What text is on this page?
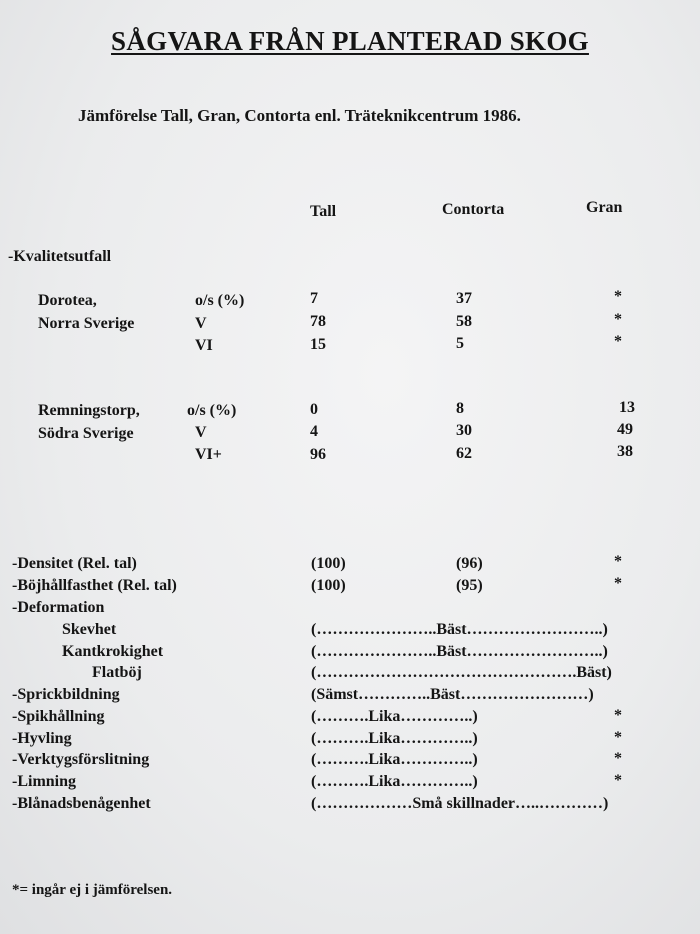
SÅGVARA FRÅN PLANTERAD SKOG
Jämförelse Tall, Gran, Contorta enl. Träteknikcentrum 1986.
Tall	Contorta	Gran
-Kvalitetsutfall
Dorotea,
Norra Sverige
o/s (%)	7	37	*
V	78	58	*
VI	15	5	*
Remningstorp,
Södra Sverige
o/s (%)	0	8	13
V	4	30	49
VI+	96	62	38
-Densitet (Rel. tal)	(100)	(96)	*
-Böjhållfasthet (Rel. tal)	(100)	(95)	*
-Deformation
Skevhet	(…………………..Bäst……………………..)
Kantkrokighet	(…………………..Bäst……………………..)
Flatböj	(………………………………………….Bäst)
-Sprickbildning	(Sämst…………..Bäst……………………)
-Spikhållning	(……….Lika…………..)	*
-Hyvling	(……….Lika…………..)	*
-Verktygsförslitning	(……….Lika…………..)	*
-Limning	(……….Lika…………..)	*
-Blånadsbenågenhet	(………………Små skillnader…..…………)
*= ingår ej i jämförelsen.
